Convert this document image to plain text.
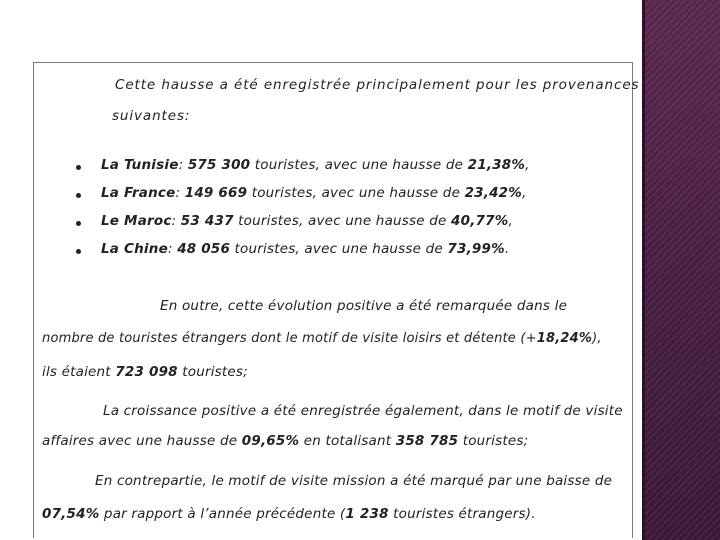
Cette hausse a été enregistrée principalement pour les provenances
suivantes:
La Tunisie: 575 300 touristes, avec une hausse de 21,38%,
La France: 149 669 touristes, avec une hausse de 23,42%,
Le Maroc: 53 437 touristes, avec une hausse de 40,77%,
La Chine: 48 056 touristes, avec une hausse de 73,99%.
En outre, cette évolution positive a été remarquée dans le
nombre de touristes étrangers dont le motif de visite loisirs et détente (+18,24%),
ils étaient 723 098 touristes;
La croissance positive a été enregistrée également, dans le motif de visite
affaires avec une hausse de 09,65% en totalisant 358 785 touristes;
En contrepartie, le motif de visite mission a été marqué par une baisse de
07,54% par rapport à l’année précédente (1 238 touristes étrangers).
